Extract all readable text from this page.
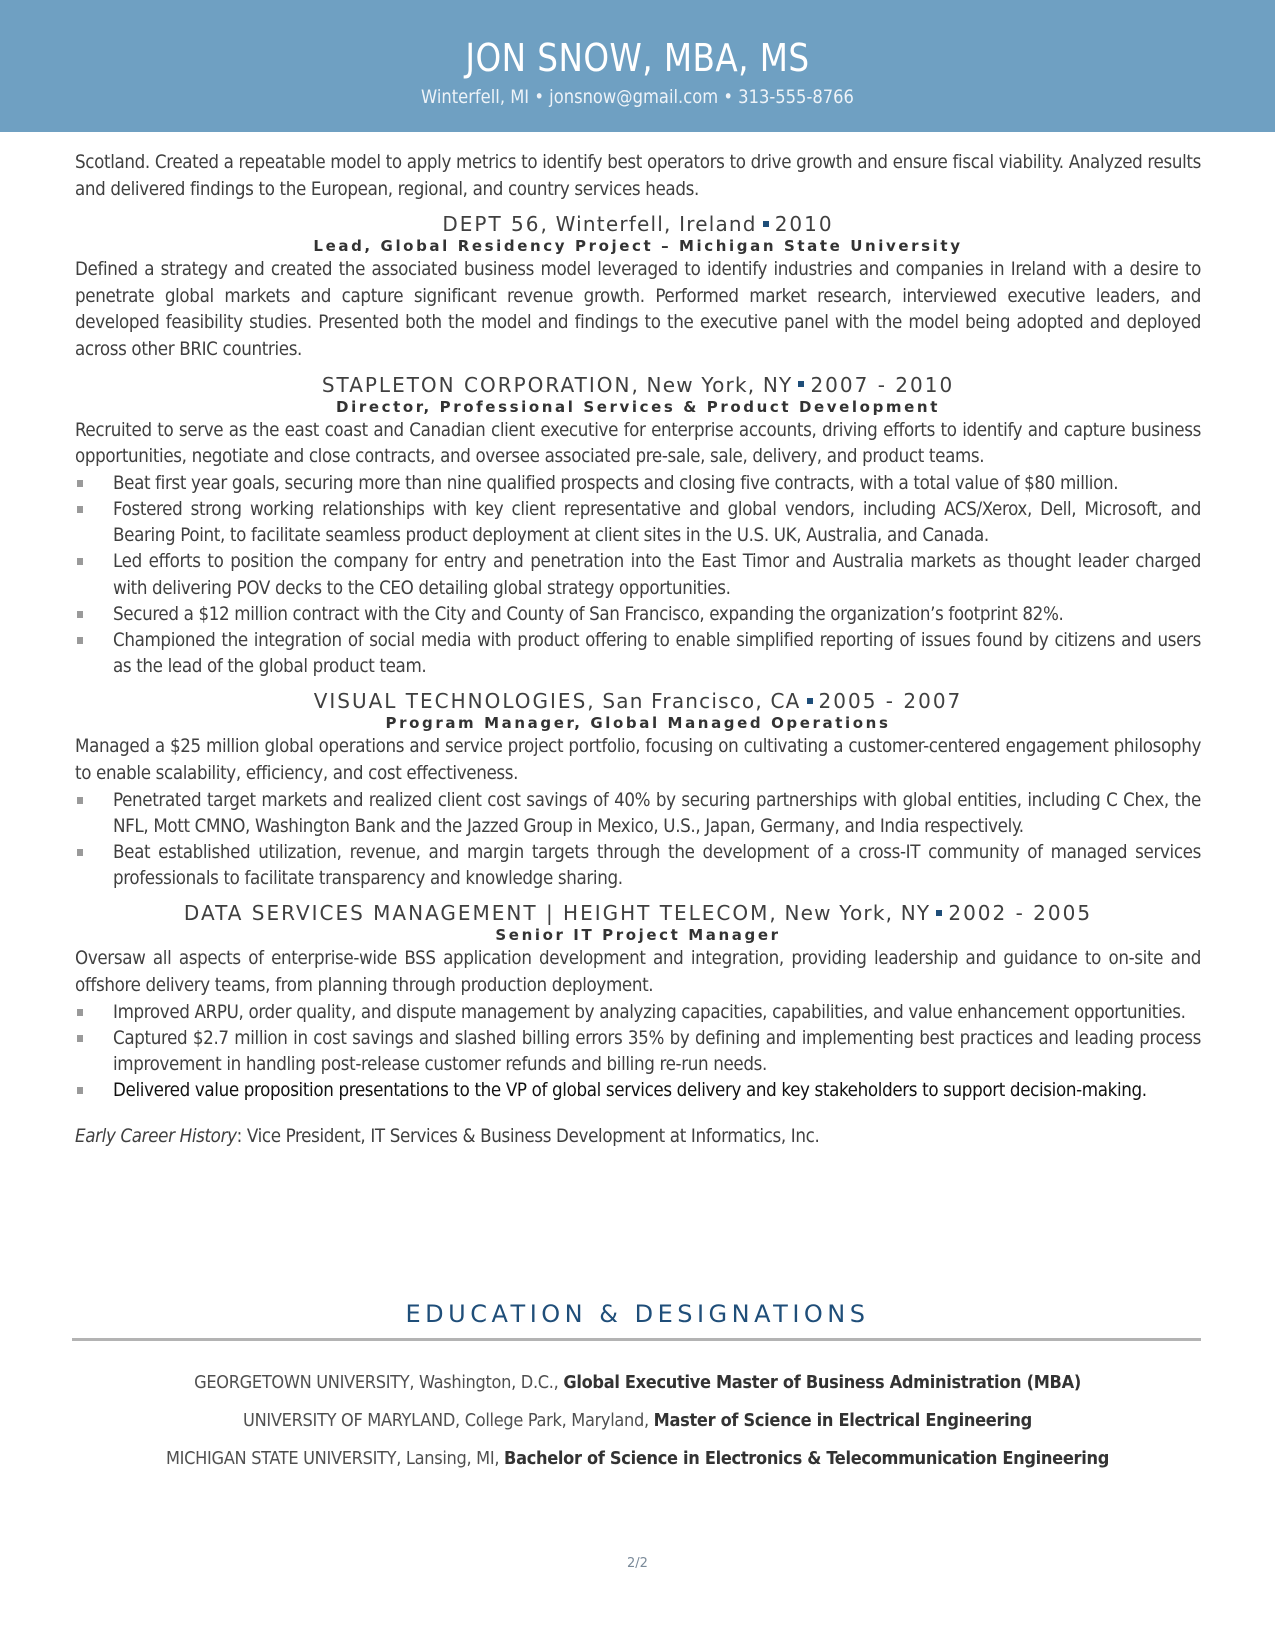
JON SNOW, MBA, MS
Winterfell, MI • jonsnow@gmail.com • 313-555-8766

Scotland. Created a repeatable model to apply metrics to identify best operators to drive growth and ensure fiscal viability. Analyzed results and delivered findings to the European, regional, and country services heads.

DEPT 56, Winterfell, Ireland 2010
Lead, Global Residency Project – Michigan State University

Defined a strategy and created the associated business model leveraged to identify industries and companies in Ireland with a desire to penetrate global markets and capture significant revenue growth. Performed market research, interviewed executive leaders, and developed feasibility studies. Presented both the model and findings to the executive panel with the model being adopted and deployed across other BRIC countries.

STAPLETON CORPORATION, New York, NY 2007 - 2010
Director, Professional Services & Product Development

Recruited to serve as the east coast and Canadian client executive for enterprise accounts, driving efforts to identify and capture business opportunities, negotiate and close contracts, and oversee associated pre-sale, sale, delivery, and product teams.

Beat first year goals, securing more than nine qualified prospects and closing five contracts, with a total value of $80 million.
Fostered strong working relationships with key client representative and global vendors, including ACS/Xerox, Dell, Microsoft, and Bearing Point, to facilitate seamless product deployment at client sites in the U.S. UK, Australia, and Canada.
Led efforts to position the company for entry and penetration into the East Timor and Australia markets as thought leader charged with delivering POV decks to the CEO detailing global strategy opportunities.
Secured a $12 million contract with the City and County of San Francisco, expanding the organization’s footprint 82%.
Championed the integration of social media with product offering to enable simplified reporting of issues found by citizens and users as the lead of the global product team.
VISUAL TECHNOLOGIES, San Francisco, CA 2005 - 2007
Program Manager, Global Managed Operations

Managed a $25 million global operations and service project portfolio, focusing on cultivating a customer-centered engagement philosophy to enable scalability, efficiency, and cost effectiveness.

Penetrated target markets and realized client cost savings of 40% by securing partnerships with global entities, including C Chex, the NFL, Mott CMNO, Washington Bank and the Jazzed Group in Mexico, U.S., Japan, Germany, and India respectively.
Beat established utilization, revenue, and margin targets through the development of a cross-IT community of managed services professionals to facilitate transparency and knowledge sharing.
DATA SERVICES MANAGEMENT | HEIGHT TELECOM, New York, NY 2002 - 2005
Senior IT Project Manager

Oversaw all aspects of enterprise-wide BSS application development and integration, providing leadership and guidance to on-site and offshore delivery teams, from planning through production deployment.

Improved ARPU, order quality, and dispute management by analyzing capacities, capabilities, and value enhancement opportunities.
Captured $2.7 million in cost savings and slashed billing errors 35% by defining and implementing best practices and leading process improvement in handling post-release customer refunds and billing re-run needs.
Delivered value proposition presentations to the VP of global services delivery and key stakeholders to support decision-making.
Early Career History: Vice President, IT Services & Business Development at Informatics, Inc.
EDUCATION & DESIGNATIONS
GEORGETOWN UNIVERSITY, Washington, D.C., Global Executive Master of Business Administration (MBA)
UNIVERSITY OF MARYLAND, College Park, Maryland, Master of Science in Electrical Engineering
MICHIGAN STATE UNIVERSITY, Lansing, MI, Bachelor of Science in Electronics & Telecommunication Engineering
2/2
